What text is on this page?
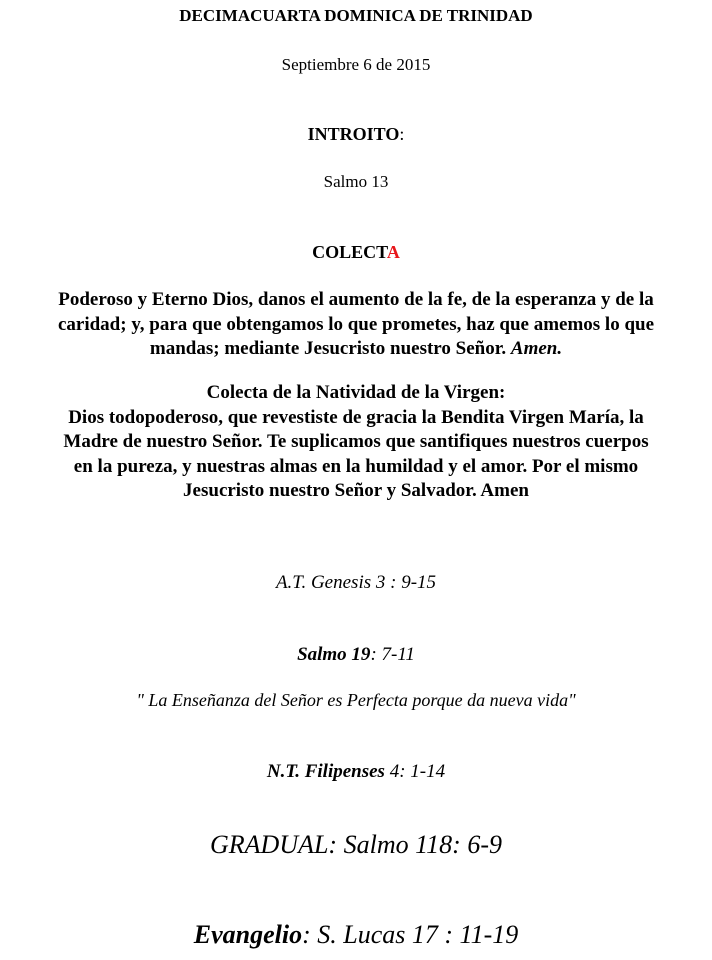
DECIMACUARTA DOMINICA DE TRINIDAD
Septiembre 6 de 2015
INTROITO:
Salmo 13
COLECTA
Poderoso y Eterno Dios, danos el aumento de la fe, de la esperanza y de la
caridad; y, para que obtengamos lo que prometes, haz que amemos lo que
mandas; mediante Jesucristo nuestro Señor. Amen.
Colecta de la Natividad de la Virgen:
Dios todopoderoso, que revestiste de gracia la Bendita Virgen María, la
Madre de nuestro Señor. Te suplicamos que santifiques nuestros cuerpos
en la pureza, y nuestras almas en la humildad y el amor. Por el mismo
Jesucristo nuestro Señor y Salvador. Amen
A.T. Genesis 3 : 9-15
Salmo 19: 7-11
" La Enseñanza del Señor es Perfecta porque da nueva vida"
N.T. Filipenses 4: 1-14
GRADUAL: Salmo 118: 6-9
Evangelio: S. Lucas 17 : 11-19
